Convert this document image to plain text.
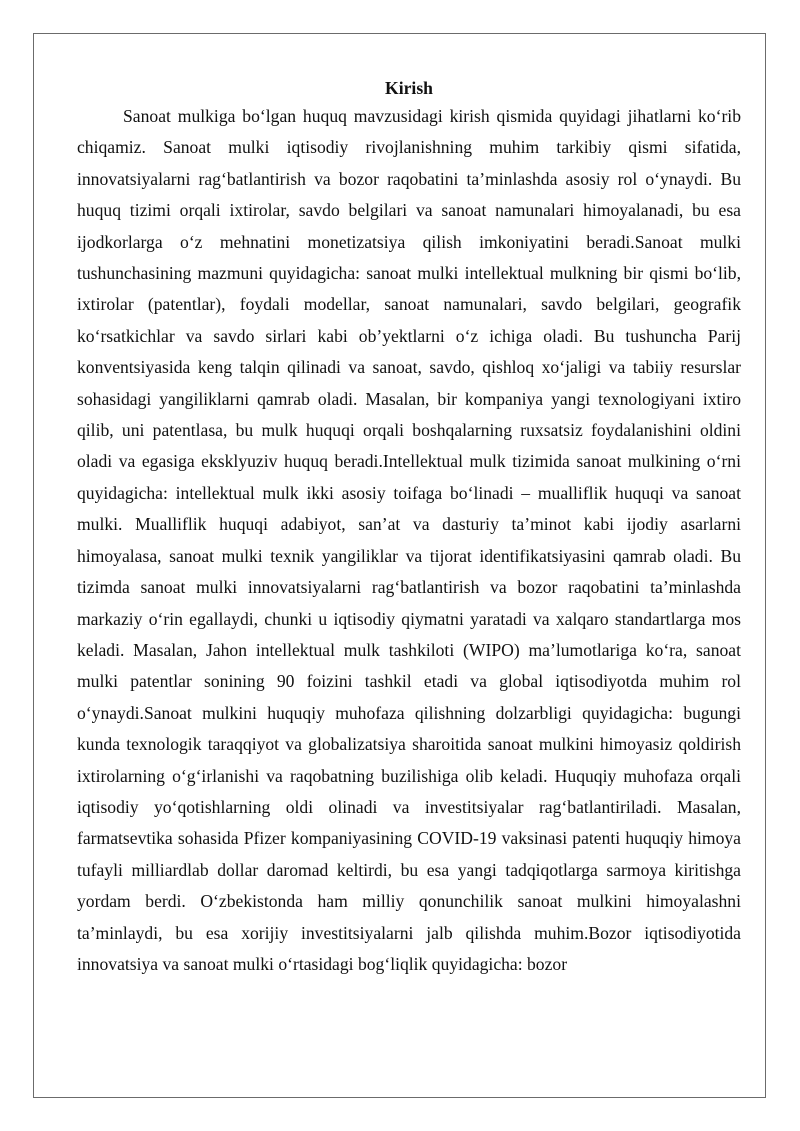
Kirish

Sanoat mulkiga bo‘lgan huquq mavzusidagi kirish qismida quyidagi jihatlarni ko‘rib chiqamiz. Sanoat mulki iqtisodiy rivojlanishning muhim tarkibiy qismi sifatida, innovatsiyalarni rag‘batlantirish va bozor raqobatini ta’minlashda asosiy rol o‘ynaydi. Bu huquq tizimi orqali ixtirolar, savdo belgilari va sanoat namunalari himoyalanadi, bu esa ijodkorlarga o‘z mehnatini monetizatsiya qilish imkoniyatini beradi.Sanoat mulki tushunchasining mazmuni quyidagicha: sanoat mulki intellektual mulkning bir qismi bo‘lib, ixtirolar (patentlar), foydali modellar, sanoat namunalari, savdo belgilari, geografik ko‘rsatkichlar va savdo sirlari kabi ob’yektlarni o‘z ichiga oladi. Bu tushuncha Parij konventsiyasida keng talqin qilinadi va sanoat, savdo, qishloq xo‘jaligi va tabiiy resurslar sohasidagi yangiliklarni qamrab oladi. Masalan, bir kompaniya yangi texnologiyani ixtiro qilib, uni patentlasa, bu mulk huquqi orqali boshqalarning ruxsatsiz foydalanishini oldini oladi va egasiga eksklyuziv huquq beradi.Intellektual mulk tizimida sanoat mulkining o‘rni quyidagicha: intellektual mulk ikki asosiy toifaga bo‘linadi – mualliflik huquqi va sanoat mulki. Mualliflik huquqi adabiyot, san’at va dasturiy ta’minot kabi ijodiy asarlarni himoyalasa, sanoat mulki texnik yangiliklar va tijorat identifikatsiyasini qamrab oladi. Bu tizimda sanoat mulki innovatsiyalarni rag‘batlantirish va bozor raqobatini ta’minlashda markaziy o‘rin egallaydi, chunki u iqtisodiy qiymatni yaratadi va xalqaro standartlarga mos keladi. Masalan, Jahon intellektual mulk tashkiloti (WIPO) ma’lumotlariga ko‘ra, sanoat mulki patentlar sonining 90 foizini tashkil etadi va global iqtisodiyotda muhim rol o‘ynaydi.Sanoat mulkini huquqiy muhofaza qilishning dolzarbligi quyidagicha: bugungi kunda texnologik taraqqiyot va globalizatsiya sharoitida sanoat mulkini himoyasiz qoldirish ixtirolarning o‘g‘irlanishi va raqobatning buzilishiga olib keladi. Huquqiy muhofaza orqali iqtisodiy yo‘qotishlarning oldi olinadi va investitsiyalar rag‘batlantiriladi. Masalan, farmatsevtika sohasida Pfizer kompaniyasining COVID-19 vaksinasi patenti huquqiy himoya tufayli milliardlab dollar daromad keltirdi, bu esa yangi tadqiqotlarga sarmoya kiritishga yordam berdi. O‘zbekistonda ham milliy qonunchilik sanoat mulkini himoyalashni ta’minlaydi, bu esa xorijiy investitsiyalarni jalb qilishda muhim.Bozor iqtisodiyotida innovatsiya va sanoat mulki o‘rtasidagi bog‘liqlik quyidagicha: bozor
